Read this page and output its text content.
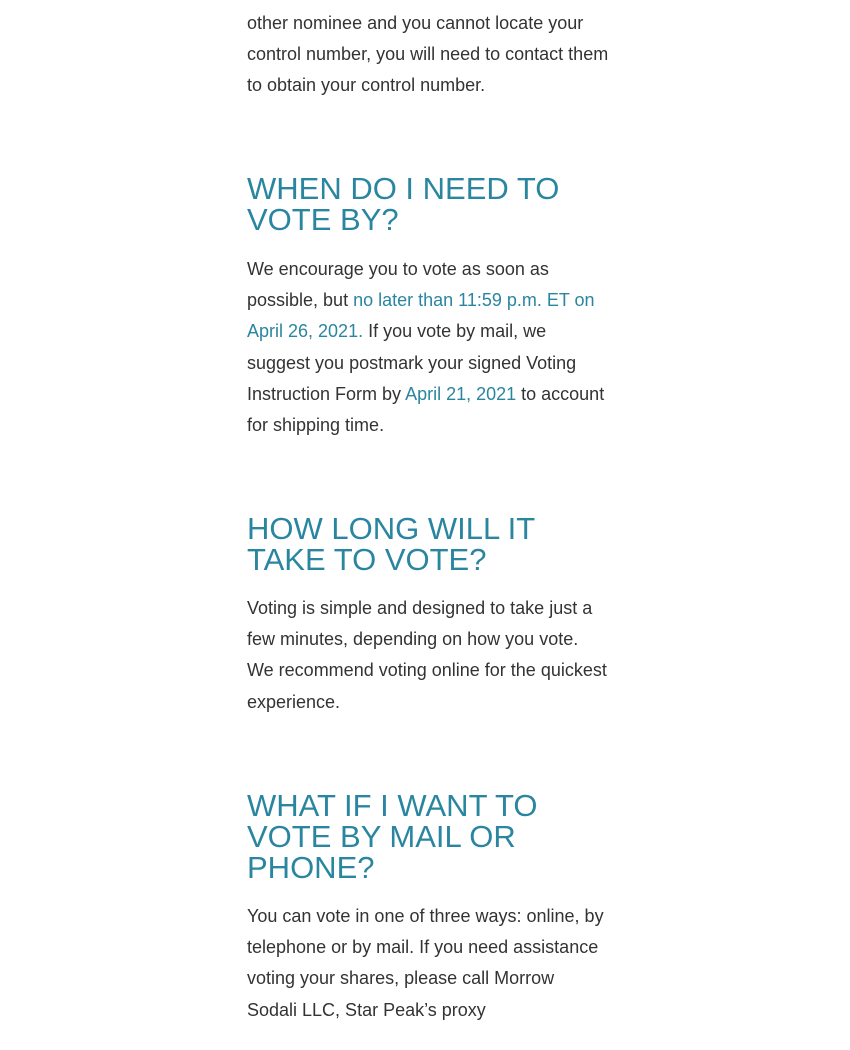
other nominee and you cannot locate your control number, you will need to contact them to obtain your control number.

WHEN DO I NEED TO VOTE BY?

We encourage you to vote as soon as possible, but no later than 11:59 p.m. ET on April 26, 2021. If you vote by mail, we suggest you postmark your signed Voting Instruction Form by April 21, 2021 to account for shipping time.

HOW LONG WILL IT TAKE TO VOTE?

Voting is simple and designed to take just a few minutes, depending on how you vote. We recommend voting online for the quickest experience.

WHAT IF I WANT TO VOTE BY MAIL OR PHONE?

You can vote in one of three ways: online, by telephone or by mail. If you need assistance voting your shares, please call Morrow Sodali LLC, Star Peak’s proxy
